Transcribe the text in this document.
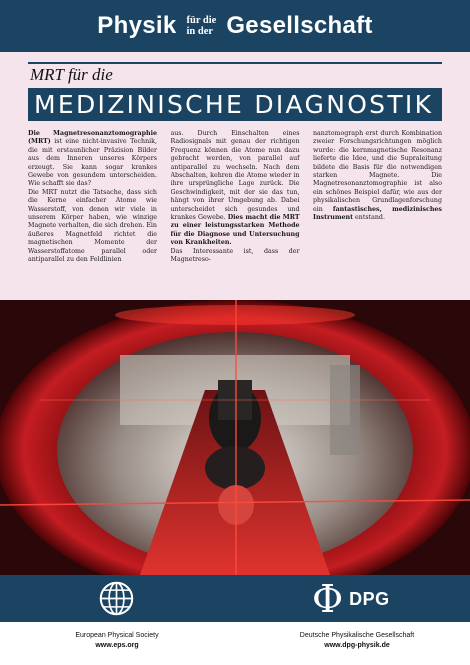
Physik für die
in der Gesellschaft
MRT für die
MEDIZINISCHE DIAGNOSTIK

Die Magnetresonanztomographie (MRT) ist eine nicht-invasive Technik, die mit erstaunlicher Präzision Bilder aus dem Inneren unseres Körpers erzeugt. Sie kann sogar krankes Gewebe von gesundem unterscheiden. Wie schafft sie das?

Die MRT nutzt die Tatsache, dass sich die Kerne einfacher Atome wie Wasserstoff, von denen wir viele in unserem Körper haben, wie winzige Magnete verhalten, die sich drehen. Ein äußeres Magnetfeld richtet die magnetischen Momente der Wasserstoffatome parallel oder antiparallel zu den Feldlinien

aus. Durch Einschalten eines Radiosignals mit genau der richtigen Frequenz können die Atome nun dazu gebracht werden, von parallel auf antiparallel zu wechseln. Nach dem Abschalten, kehren die Atome wieder in ihre ursprüngliche Lage zurück. Die Geschwindigkeit, mit der sie das tun, hängt von ihrer Umgebung ab. Dabei unterscheidet sich gesundes und krankes Gewebe. Dies macht die MRT zu einer leistungsstarken Methode für die Diagnose und Untersuchung von Krankheiten.

Das Interessante ist, dass der Magnetreso-

nanztomograph erst durch Kombination zweier Forschungsrichtungen möglich wurde: die kernmagnetische Resonanz lieferte die Idee, und die Supraleitung bildete die Basis für die notwendigen starken Magnete. Die Magnetresonanztomographie ist also ein schönes Beispiel dafür, wie aus der physikalischen Grundlagenforschung ein fantastisches, medizinisches Instrument entstand.

Φ DPG
European Physical Society
www.eps.org
Deutsche Physikalische Gesellschaft
www.dpg-physik.de
